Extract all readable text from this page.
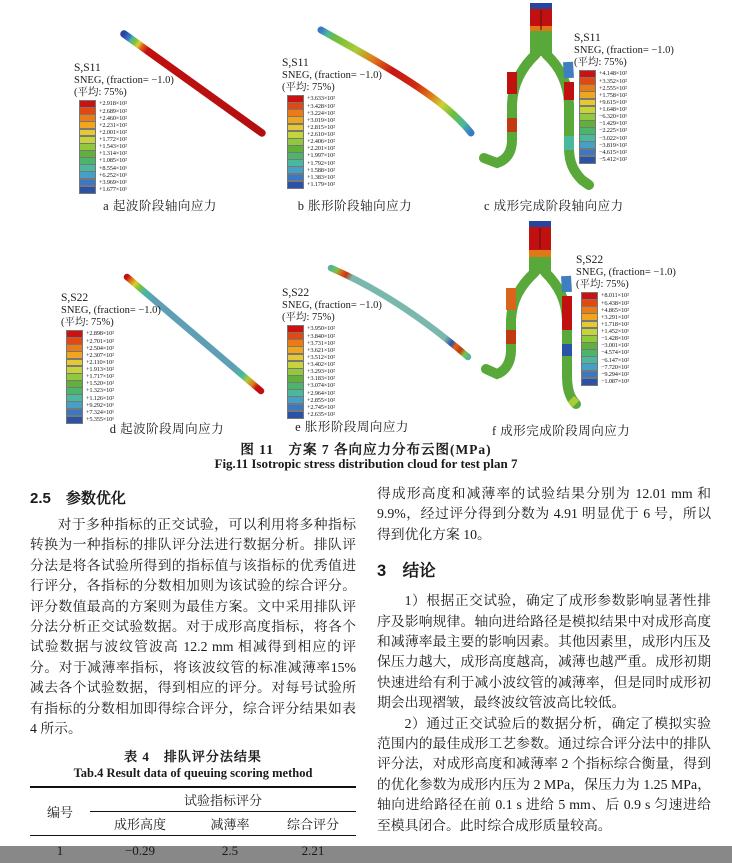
S,S11
SNEG, (fraction= −1.0)
(平均: 75%)
+2.918×10²
+2.689×10²
+2.460×10²
+2.231×10²
+2.001×10²
+1.772×10²
+1.543×10²
+1.314×10²
+1.085×10²
+8.554×10¹
+6.252×10¹
+3.969×10¹
+1.677×10¹
a 起波阶段轴向应力
S,S11
SNEG, (fraction= −1.0)
(平均: 75%)
+3.633×10²
+3.428×10²
+3.224×10²
+3.019×10²
+2.815×10²
+2.610×10²
+2.406×10²
+2.201×10²
+1.997×10²
+1.792×10²
+1.588×10²
+1.383×10²
+1.179×10²
b 胀形阶段轴向应力
S,S11
SNEG, (fraction= −1.0)
(平均: 75%)
+4.148×10²
+3.352×10²
+2.555×10²
+1.758×10²
+9.615×10¹
+1.648×10¹
−6.320×10¹
−1.429×10²
−2.225×10²
−3.022×10²
−3.819×10²
−4.615×10²
−5.412×10²
c 成形完成阶段轴向应力
S,S22
SNEG, (fraction= −1.0)
(平均: 75%)
+2.898×10²
+2.701×10²
+2.504×10²
+2.307×10²
+2.110×10²
+1.913×10²
+1.717×10²
+1.520×10²
+1.323×10²
+1.126×10²
+9.292×10¹
+7.324×10¹
+5.355×10¹
d 起波阶段周向应力
S,S22
SNEG, (fraction= −1.0)
(平均: 75%)
+3.950×10²
+3.840×10²
+3.731×10²
+3.621×10²
+3.512×10²
+3.402×10²
+3.293×10²
+3.183×10²
+3.074×10²
+2.964×10²
+2.855×10²
+2.745×10²
+2.635×10²
e 胀形阶段周向应力
S,S22
SNEG, (fraction= −1.0)
(平均: 75%)
+8.011×10²
+6.438×10²
+4.865×10²
+3.291×10²
+1.718×10²
+1.452×10¹
−1.428×10²
−3.001×10²
−4.574×10²
−6.147×10²
−7.720×10²
−9.294×10²
−1.087×10³
f 成形完成阶段周向应力
图 11　方案 7 各向应力分布云图(MPa)
Fig.11 Isotropic stress distribution cloud for test plan 7
2.5　参数优化

对于多种指标的正交试验，可以利用将多种指标转换为一种指标的排队评分法进行数据分析。排队评分法是将各试验所得到的指标值与该指标的优秀值进行评分，各指标的分数相加则为该试验的综合评分。评分数值最高的方案则为最佳方案。文中采用排队评分法分析正交试验数据。对于成形高度指标，将各个试验数据与波纹管波高 12.2 mm 相减得到相应的评分。对于减薄率指标，将该波纹管的标准减薄率15%减去各个试验数据，得到相应的评分。对每号试验所有指标的分数相加即得综合评分，综合评分结果如表 4 所示。

表 4　排队评分法结果
Tab.4 Result data of queuing scoring method
编号	试验指标评分		
	成形高度	减薄率	综合评分
1	−0.29	2.5	2.21

得成形高度和减薄率的试验结果分别为 12.01 mm 和 9.9%，经过评分得到分数为 4.91 明显优于 6 号，所以得到优化方案 10。

3　结论

1）根据正交试验，确定了成形参数影响显著性排序及影响规律。轴向进给路径是模拟结果中对成形高度和减薄率最主要的影响因素。其他因素里，成形内压及保压力越大，成形高度越高，减薄也越严重。成形初期快速进给有利于减小波纹管的减薄率，但是同时成形初期会出现褶皱，最终波纹管波高比较低。

2）通过正交试验后的数据分析，确定了模拟实验范围内的最佳成形工艺参数。通过综合评分法中的排队评分法，对成形高度和减薄率 2 个指标综合衡量，得到的优化参数为成形内压为 2 MPa，保压力为 1.25 MPa，轴向进给路径在前 0.1 s 进给 5 mm、后 0.9 s 匀速进给至模具闭合。此时综合成形质量较高。
